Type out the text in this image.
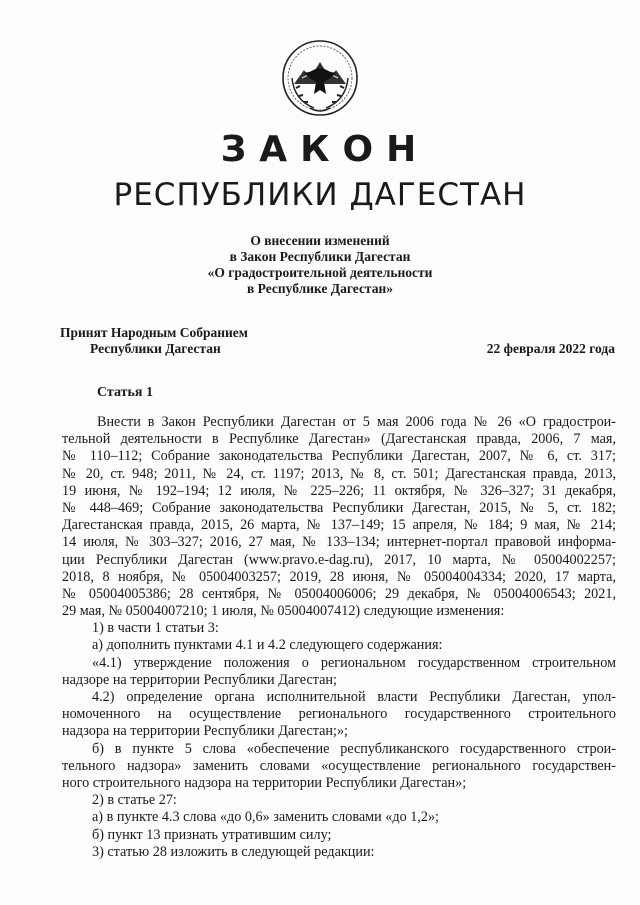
ЗАКОН
РЕСПУБЛИКИ ДАГЕСТАН
О внесении изменений
в Закон Республики Дагестан
«О градостроительной деятельности
в Республике Дагестан»
Принят Народным Собранием
Республики Дагестан	22 февраля 2022 года
Статья 1
Внести в Закон Республики Дагестан от 5 мая 2006 года № 26 «О градострои-
тельной деятельности в Республике Дагестан» (Дагестанская правда, 2006, 7 мая,
№ 110–112; Собрание законодательства Республики Дагестан, 2007, № 6, ст. 317;
№ 20, ст. 948; 2011, № 24, ст. 1197; 2013, № 8, ст. 501; Дагестанская правда, 2013,
19 июня, № 192–194; 12 июля, № 225–226; 11 октября, № 326–327; 31 декабря,
№ 448–469; Собрание законодательства Республики Дагестан, 2015, № 5, ст. 182;
Дагестанская правда, 2015, 26 марта, № 137–149; 15 апреля, № 184; 9 мая, № 214;
14 июля, № 303–327; 2016, 27 мая, № 133–134; интернет-портал правовой информа-
ции Республики Дагестан (www.pravo.e-dag.ru), 2017, 10 марта, № 05004002257;
2018, 8 ноября, № 05004003257; 2019, 28 июня, № 05004004334; 2020, 17 марта,
№ 05004005386; 28 сентября, № 05004006006; 29 декабря, № 05004006543; 2021,
29 мая, № 05004007210; 1 июля, № 05004007412) следующие изменения:
1) в части 1 статьи 3:
а) дополнить пунктами 4.1 и 4.2 следующего содержания:
«4.1) утверждение положения о региональном государственном строительном
надзоре на территории Республики Дагестан;
4.2) определение органа исполнительной власти Республики Дагестан, упол-
номоченного на осуществление регионального государственного строительного
надзора на территории Республики Дагестан;»;
б) в пункте 5 слова «обеспечение республиканского государственного строи-
тельного надзора» заменить словами «осуществление регионального государствен-
ного строительного надзора на территории Республики Дагестан»;
2) в статье 27:
а) в пункте 4.3 слова «до 0,6» заменить словами «до 1,2»;
б) пункт 13 признать утратившим силу;
3) статью 28 изложить в следующей редакции:
